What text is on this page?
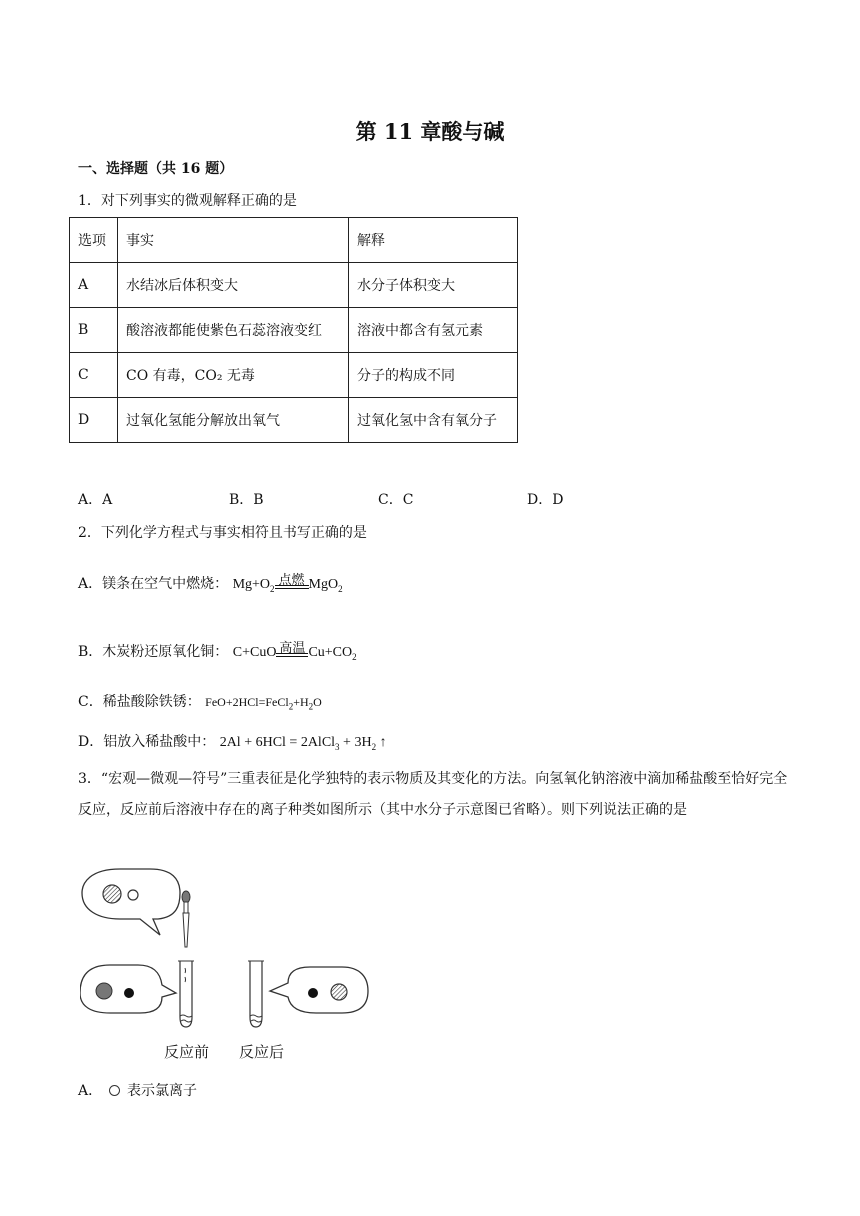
第 11 章酸与碱
一、选择题（共 16 题）
1．对下列事实的微观解释正确的是
选项	事实	解释
A	水结冰后体积变大	水分子体积变大
B	酸溶液都能使紫色石蕊溶液变红	溶液中都含有氢元素
C	CO 有毒，CO₂ 无毒	分子的构成不同
D	过氧化氢能分解放出氧气	过氧化氢中含有氧分子
A．A	B．B	C．C	D．D
2．下列化学方程式与事实相符且书写正确的是
A．镁条在空气中燃烧： $Mg+O_2$
点燃 MgO$_2$
B．木炭粉还原氧化铜： C+CuO 高温 $Cu+CO_2$
C．稀盐酸除铁锈： $FeO+2HCl=FeCl_2+H_2O$
D．铝放入稀盐酸中： 2Al + 6HCl = 2AlCl$_3$ + $3H_2$ ↑
3．“宏观—微观—符号”三重表征是化学独特的表示物质及其变化的方法。向氢氧化钠溶液中滴加稀盐酸至恰好完全反应，反应前后溶液中存在的离子种类如图所示（其中水分子示意图已省略）。则下列说法正确的是
反应前 反应后
A． 表示氯离子
